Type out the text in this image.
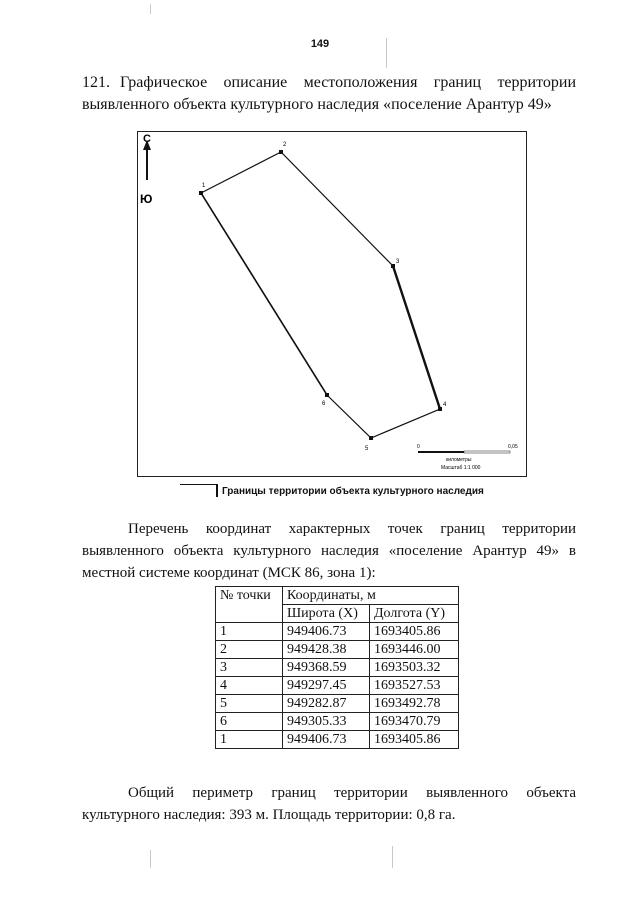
149
121. Графическое описание местоположения границ территории выявленного объекта культурного наследия «поселение Арантур 49»
С
Ю
1
2
3
4
5
6
0	0,05
километры
Масштаб 1:1 000
Границы территории объекта культурного наследия
Перечень координат характерных точек границ территории выявленного объекта культурного наследия «поселение Арантур 49» в местной системе координат (МСК 86, зона 1):
№ точки	Координаты, м	
	Широта (X)	Долгота (Y)
1	949406.73	1693405.86
2	949428.38	1693446.00
3	949368.59	1693503.32
4	949297.45	1693527.53
5	949282.87	1693492.78
6	949305.33	1693470.79
1	949406.73	1693405.86
Общий периметр границ территории выявленного объекта культурного наследия: 393 м. Площадь территории: 0,8 га.
